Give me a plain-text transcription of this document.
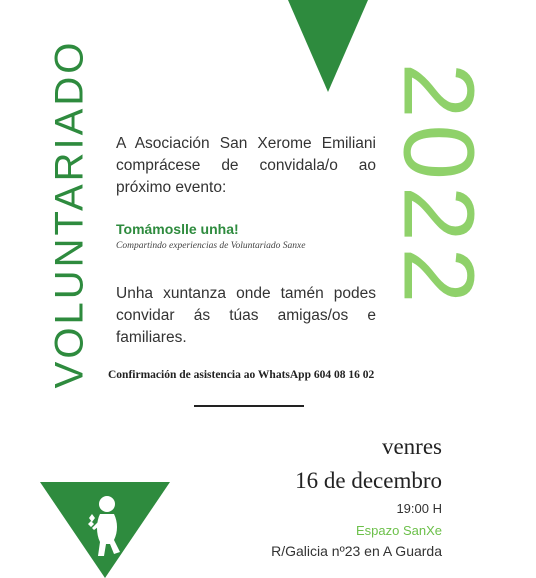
VOLUNTARIADO	2022
A Asociación San Xerome Emiliani comprácese de convidala/o ao próximo evento:
Tomámoslle unha!
Compartindo experiencias de Voluntariado Sanxe
Unha xuntanza onde tamén podes convidar ás túas amigas/os e familiares.
Confirmación de asistencia ao WhatsApp 604 08 16 02
venres
16 de decembro
19:00 H
Espazo SanXe
R/Galicia nº23 en A Guarda
